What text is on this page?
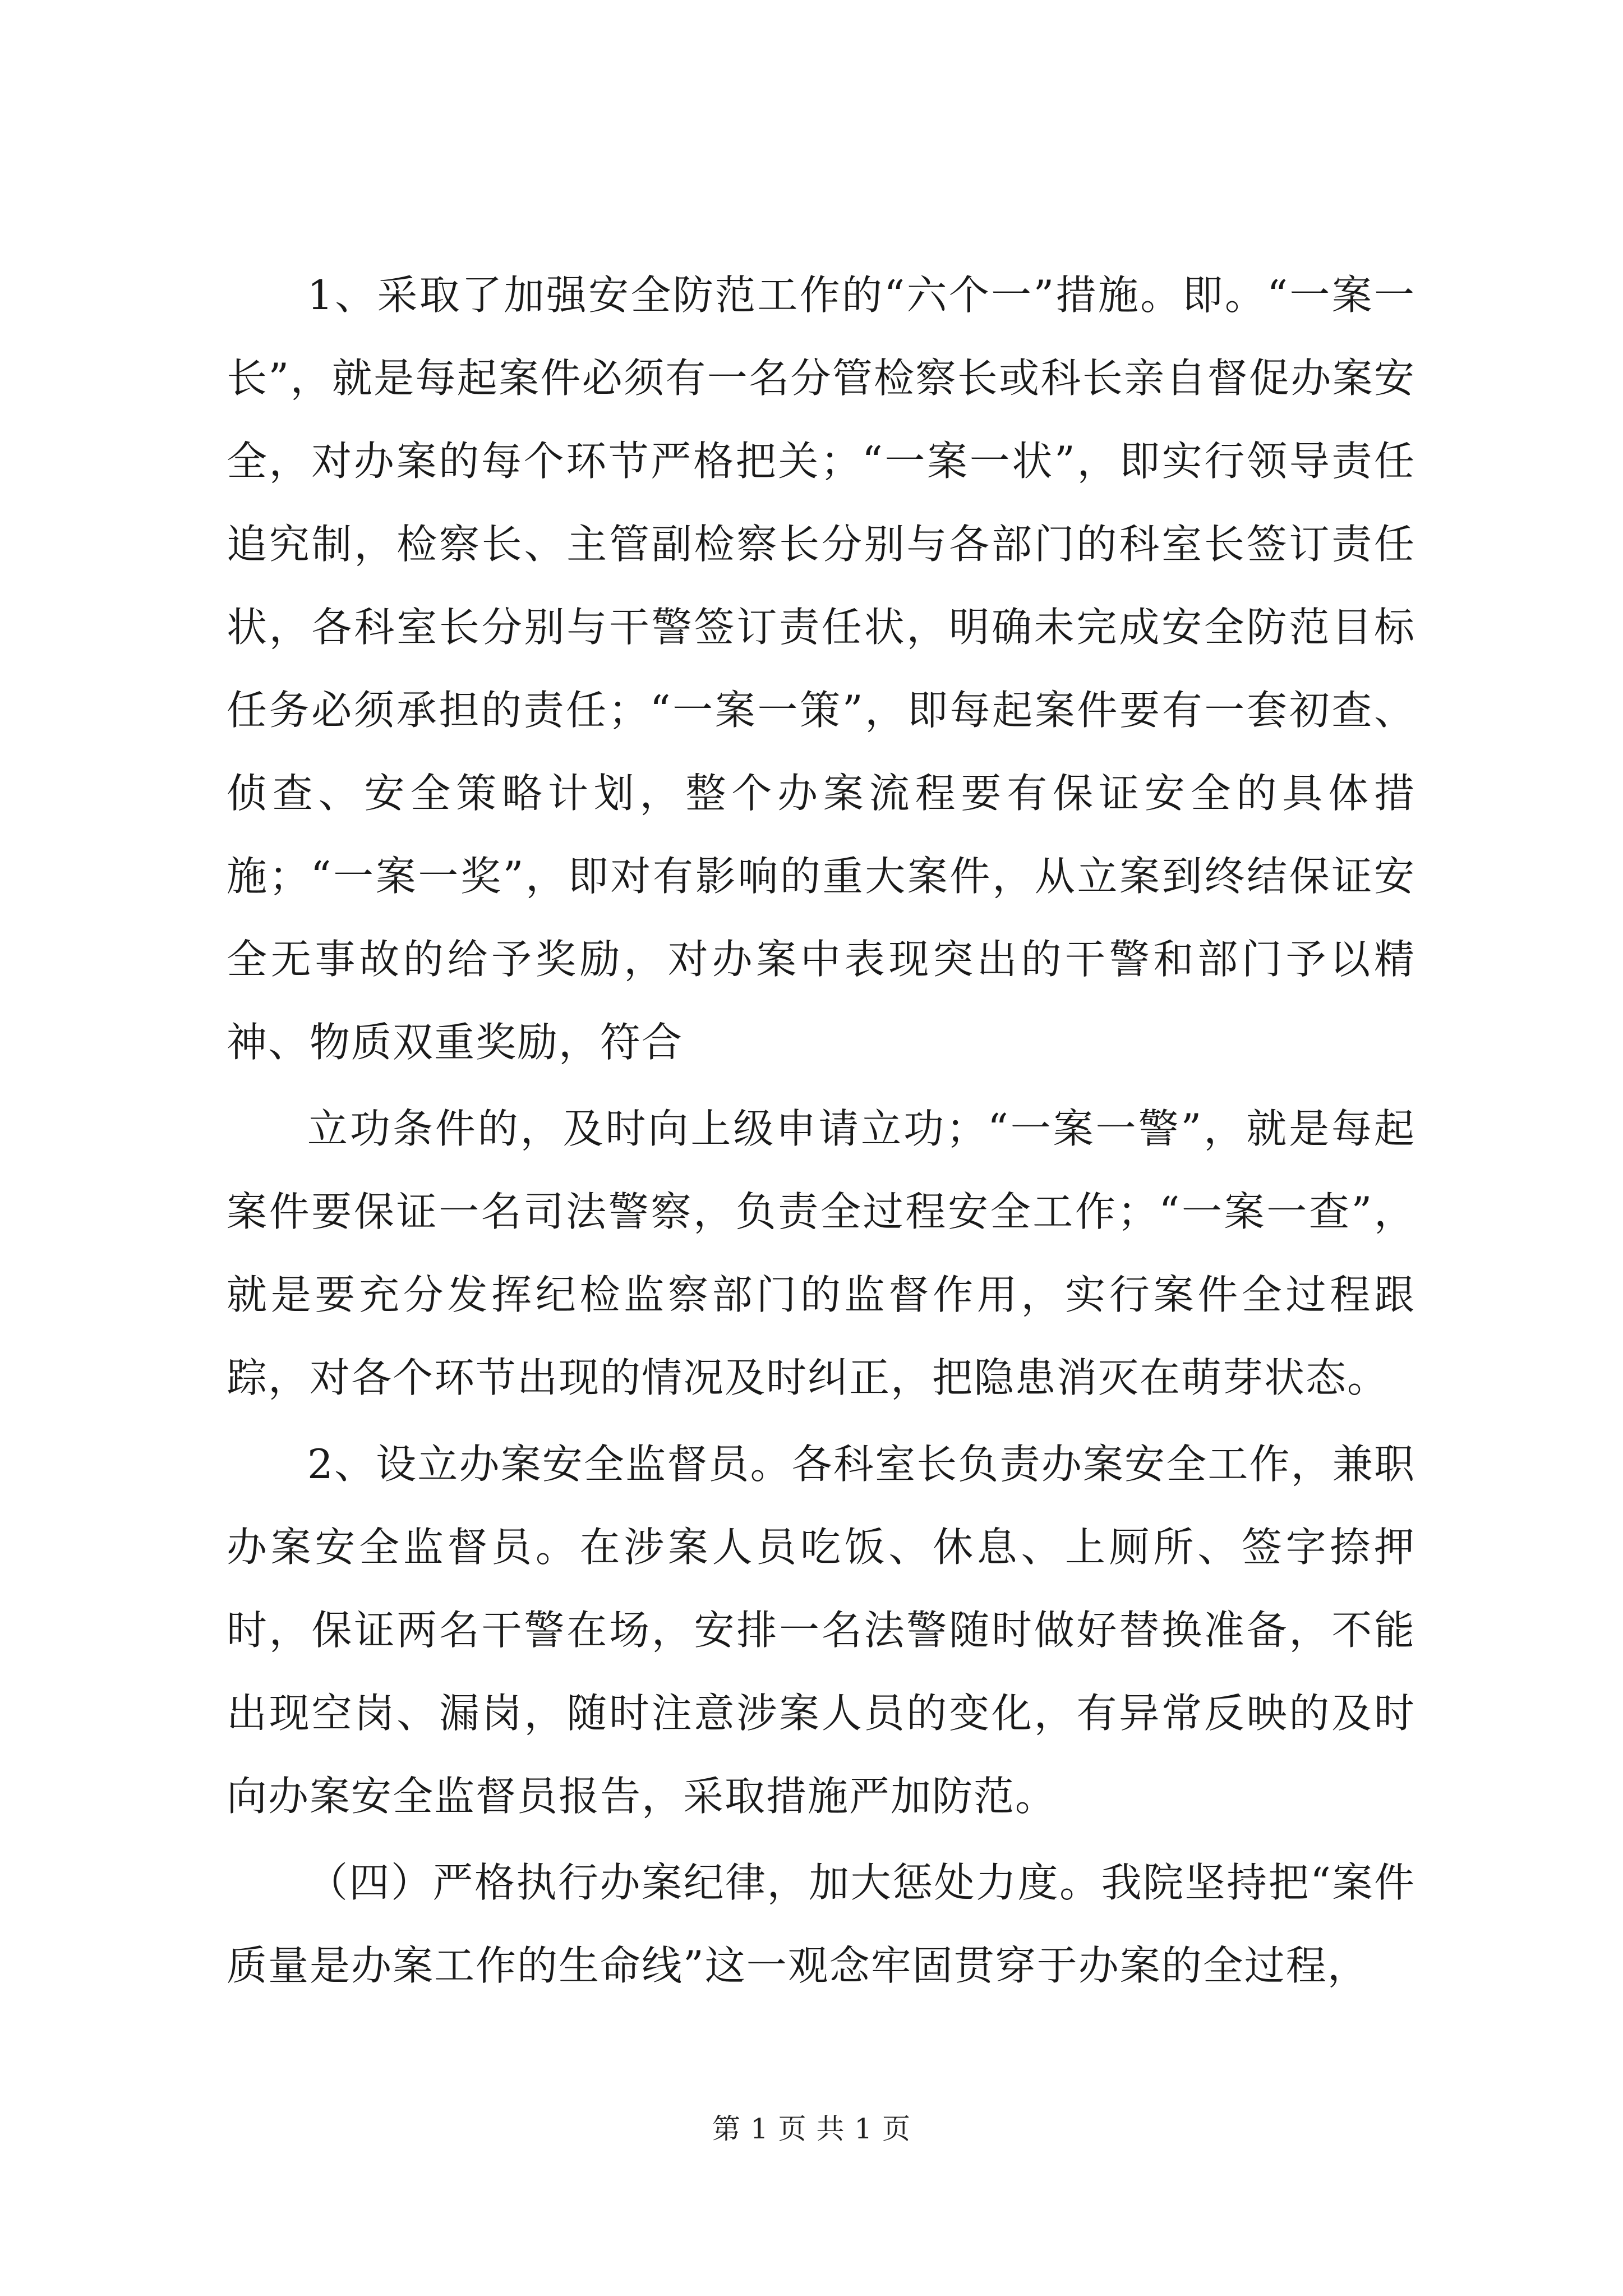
1、采取了加强安全防范工作的“六个一”措施。即。“一案一长”，就是每起案件必须有一名分管检察长或科长亲自督促办案安全，对办案的每个环节严格把关；“一案一状”，即实行领导责任追究制，检察长、主管副检察长分别与各部门的科室长签订责任状，各科室长分别与干警签订责任状，明确未完成安全防范目标任务必须承担的责任；“一案一策”，即每起案件要有一套初查、侦查、安全策略计划，整个办案流程要有保证安全的具体措施；“一案一奖”，即对有影响的重大案件，从立案到终结保证安全无事故的给予奖励，对办案中表现突出的干警和部门予以精神、物质双重奖励，符合

立功条件的，及时向上级申请立功；“一案一警”，就是每起案件要保证一名司法警察，负责全过程安全工作；“一案一查”，就是要充分发挥纪检监察部门的监督作用，实行案件全过程跟踪，对各个环节出现的情况及时纠正，把隐患消灭在萌芽状态。

2、设立办案安全监督员。各科室长负责办案安全工作，兼职办案安全监督员。在涉案人员吃饭、休息、上厕所、签字捺押时，保证两名干警在场，安排一名法警随时做好替换准备，不能出现空岗、漏岗，随时注意涉案人员的变化，有异常反映的及时向办案安全监督员报告，采取措施严加防范。

（四）严格执行办案纪律，加大惩处力度。我院坚持把“案件质量是办案工作的生命线”这一观念牢固贯穿于办案的全过程，

第 1 页 共 1 页
